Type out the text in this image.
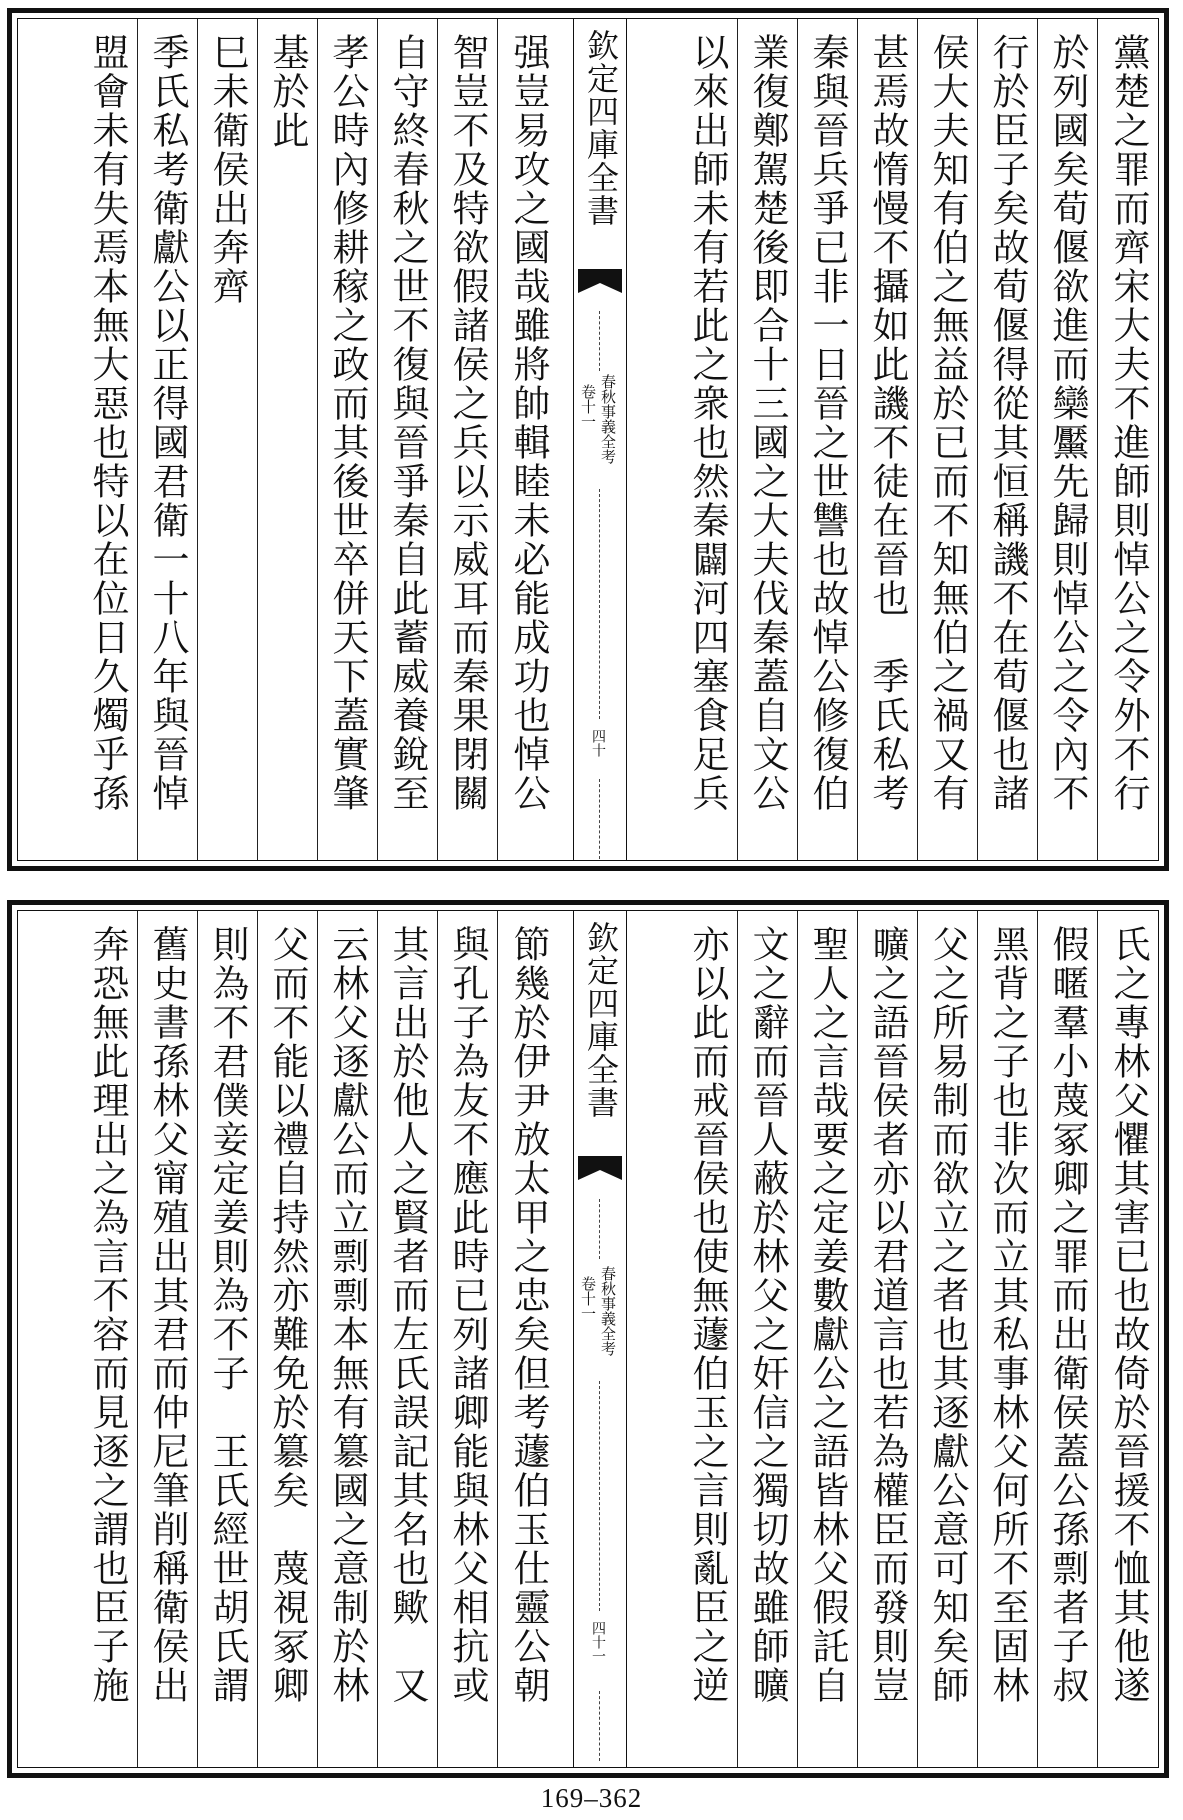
黨楚之罪而齊宋大夫不進師則悼公之令外不行
於列國矣荀偃欲進而欒黶先歸則悼公之令內不
行於臣子矣故荀偃得從其恒稱譏不在荀偃也諸
侯大夫知有伯之無益於已而不知無伯之禍又有
甚焉故惰慢不攝如此譏不徒在晉也　季氏私考
秦與晉兵爭已非一日晉之世讐也故悼公修復伯
業復鄭駕楚後即合十三國之大夫伐秦蓋自文公
以來出師未有若此之衆也然秦闢河四塞食足兵
欽定四庫全書
春秋事義全考
卷十一
四十
强豈易攻之國哉雖將帥輯睦未必能成功也悼公
智豈不及特欲假諸侯之兵以示威耳而秦果閉關
自守終春秋之世不復與晉爭秦自此蓄威養銳至
孝公時內修耕稼之政而其後世卒併天下蓋實肇
基於此
巳未衛侯出奔齊
季氏私考衛獻公以正得國君衛一十八年與晉悼
盟會未有失焉本無大惡也特以在位日久燭乎孫
氏之專林父懼其害已也故倚於晉援不恤其他遂
假暱羣小蔑冢卿之罪而出衛侯蓋公孫剽者子叔
黑背之子也非次而立其私事林父何所不至固林
父之所易制而欲立之者也其逐獻公意可知矣師
曠之語晉侯者亦以君道言也若為權臣而發則豈
聖人之言哉要之定姜數獻公之語皆林父假託自
文之辭而晉人蔽於林父之奸信之獨切故雖師曠
亦以此而戒晉侯也使無蘧伯玉之言則亂臣之逆
欽定四庫全書
春秋事義全考
卷十一
四十一
節幾於伊尹放太甲之忠矣但考蘧伯玉仕靈公朝
與孔子為友不應此時已列諸卿能與林父相抗或
其言出於他人之賢者而左氏誤記其名也歟　又
云林父逐獻公而立剽剽本無有簒國之意制於林
父而不能以禮自持然亦難免於簒矣　蔑視冢卿
則為不君僕妾定姜則為不子　王氏經世胡氏謂
舊史書孫林父甯殖出其君而仲尼筆削稱衛侯出
奔恐無此理出之為言不容而見逐之謂也臣子施
169–362
